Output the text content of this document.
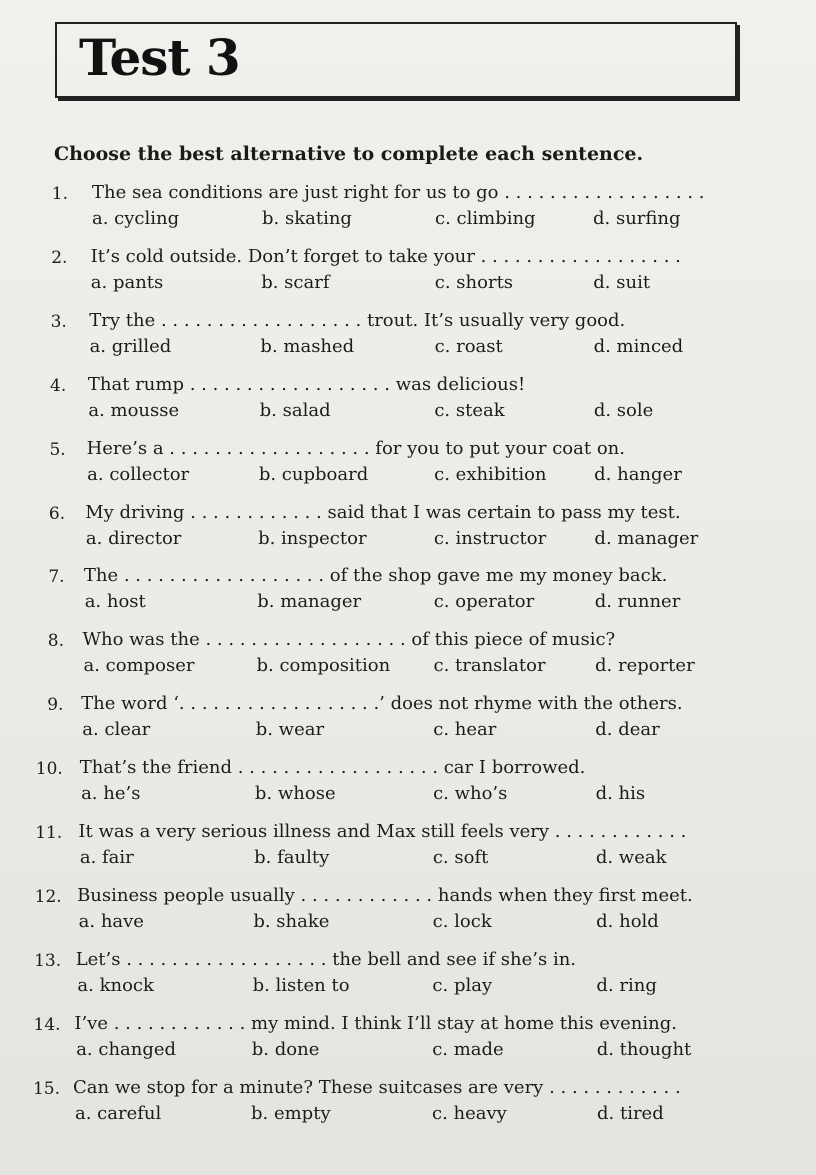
Test 3
Choose the best alternative to complete each sentence.
1. The sea conditions are just right for us to go . . . . . . . . . . . . . . . . . .
a. cycling	b. skating	c. climbing	d. surfing
2. It’s cold outside. Don’t forget to take your . . . . . . . . . . . . . . . . . .
a. pants	b. scarf	c. shorts	d. suit
3. Try the . . . . . . . . . . . . . . . . . . trout. It’s usually very good.
a. grilled	b. mashed	c. roast	d. minced
4. That rump . . . . . . . . . . . . . . . . . . was delicious!
a. mousse	b. salad	c. steak	d. sole
5. Here’s a . . . . . . . . . . . . . . . . . . for you to put your coat on.
a. collector	b. cupboard	c. exhibition	d. hanger
6. My driving . . . . . . . . . . . . said that I was certain to pass my test.
a. director	b. inspector	c. instructor	d. manager
7. The . . . . . . . . . . . . . . . . . . of the shop gave me my money back.
a. host	b. manager	c. operator	d. runner
8. Who was the . . . . . . . . . . . . . . . . . . of this piece of music?
a. composer	b. composition c. translator	d. reporter
9. The word ‘. . . . . . . . . . . . . . . . . .’ does not rhyme with the others.
a. clear	b. wear	c. hear	d. dear
10. That’s the friend . . . . . . . . . . . . . . . . . . car I borrowed.
a. he’s	b. whose	c. who’s	d. his
11. It was a very serious illness and Max still feels very . . . . . . . . . . . .
a. fair	b. faulty	c. soft	d. weak
12. Business people usually . . . . . . . . . . . . hands when they first meet.
a. have	b. shake	c. lock	d. hold
13. Let’s . . . . . . . . . . . . . . . . . . the bell and see if she’s in.
a. knock	b. listen to	c. play	d. ring
14. I’ve . . . . . . . . . . . . my mind. I think I’ll stay at home this evening.
a. changed	b. done	c. made	d. thought
15. Can we stop for a minute? These suitcases are very . . . . . . . . . . . .
a. careful	b. empty	c. heavy	d. tired
